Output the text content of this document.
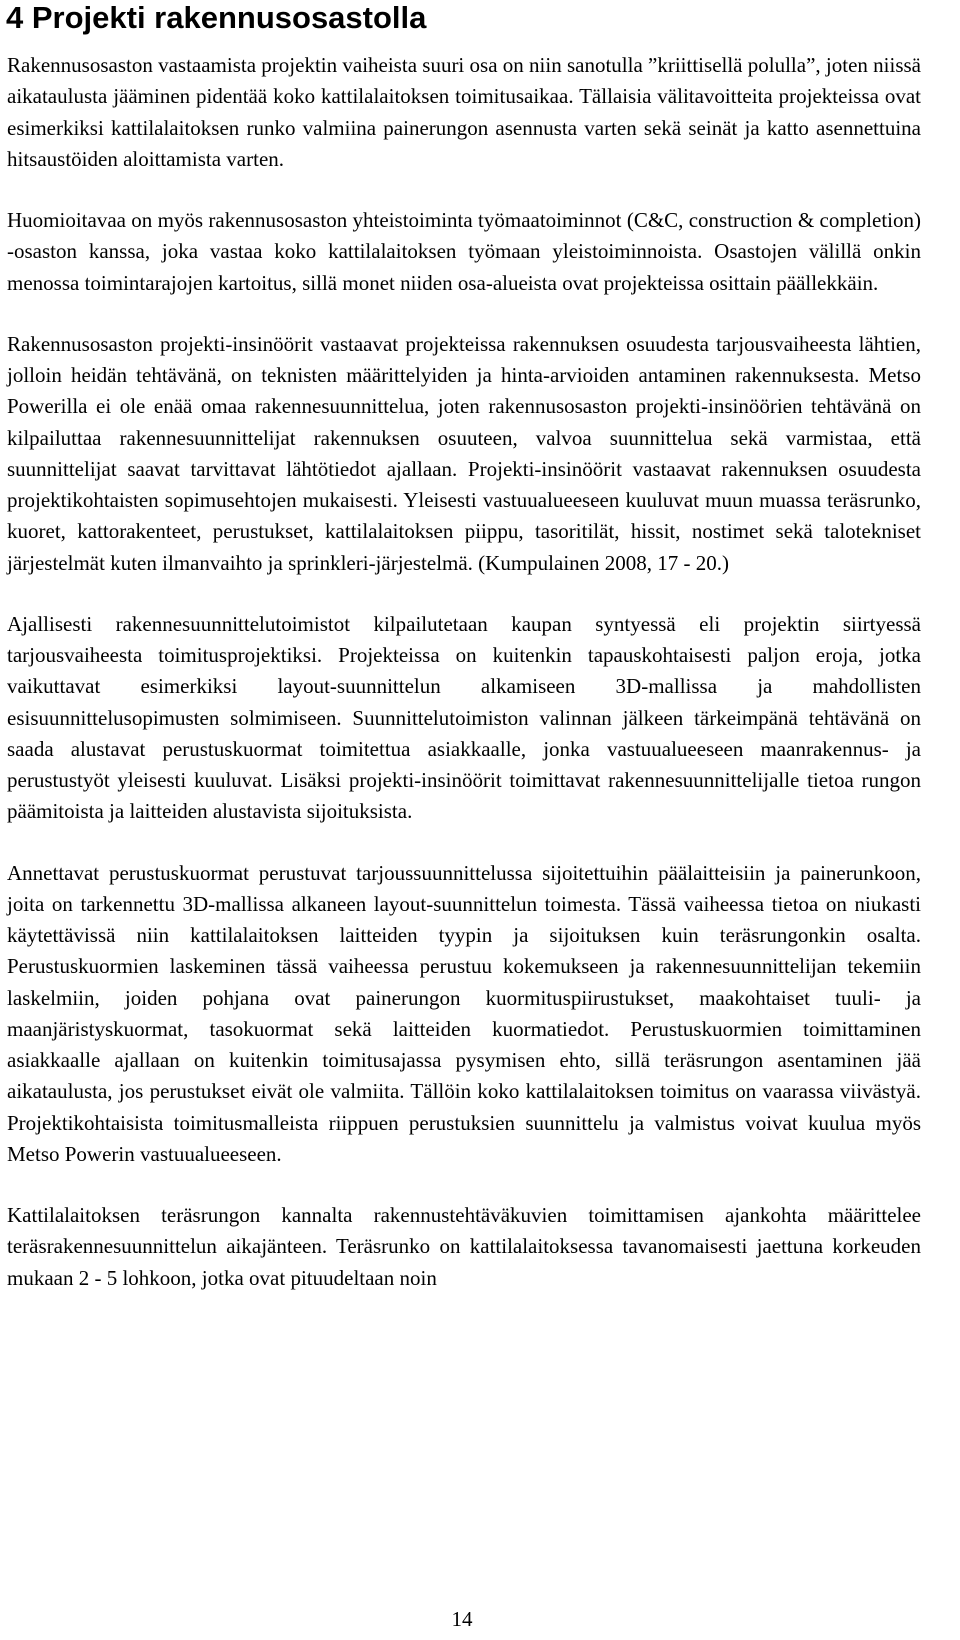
4 Projekti rakennusosastolla

Rakennusosaston vastaamista projektin vaiheista suuri osa on niin sanotulla ”kriittisellä polulla”, joten niissä aikataulusta jääminen pidentää koko kattilalaitoksen toimitusaikaa. Tällaisia välitavoitteita projekteissa ovat esimerkiksi kattilalaitoksen runko valmiina painerungon asennusta varten sekä seinät ja katto asennettuina hitsaustöiden aloittamista varten.

Huomioitavaa on myös rakennusosaston yhteistoiminta työmaatoiminnot (C&C, construction & completion) -osaston kanssa, joka vastaa koko kattilalaitoksen työmaan yleistoiminnoista. Osastojen välillä onkin menossa toimintarajojen kartoitus, sillä monet niiden osa-alueista ovat projekteissa osittain päällekkäin.

Rakennusosaston projekti-insinöörit vastaavat projekteissa rakennuksen osuudesta tarjousvaiheesta lähtien, jolloin heidän tehtävänä, on teknisten määrittelyiden ja hinta-arvioiden antaminen rakennuksesta. Metso Powerilla ei ole enää omaa rakennesuunnittelua, joten rakennusosaston projekti-insinöörien tehtävänä on kilpailuttaa rakennesuunnittelijat rakennuksen osuuteen, valvoa suunnittelua sekä varmistaa, että suunnittelijat saavat tarvittavat lähtötiedot ajallaan. Projekti-insinöörit vastaavat rakennuksen osuudesta projektikohtaisten sopimusehtojen mukaisesti. Yleisesti vastuualueeseen kuuluvat muun muassa teräsrunko, kuoret, kattorakenteet, perustukset, kattilalaitoksen piippu, tasoritilät, hissit, nostimet sekä talotekniset järjestelmät kuten ilmanvaihto ja sprinkleri-järjestelmä. (Kumpulainen 2008, 17 - 20.)

Ajallisesti rakennesuunnittelutoimistot kilpailutetaan kaupan syntyessä eli projektin siirtyessä tarjousvaiheesta toimitusprojektiksi. Projekteissa on kuitenkin tapauskohtaisesti paljon eroja, jotka vaikuttavat esimerkiksi layout-suunnittelun alkamiseen 3D-mallissa ja mahdollisten esisuunnittelusopimusten solmimiseen. Suunnittelutoimiston valinnan jälkeen tärkeimpänä tehtävänä on saada alustavat perustuskuormat toimitettua asiakkaalle, jonka vastuualueeseen maanrakennus- ja perustustyöt yleisesti kuuluvat. Lisäksi projekti-insinöörit toimittavat rakennesuunnittelijalle tietoa rungon päämitoista ja laitteiden alustavista sijoituksista.

Annettavat perustuskuormat perustuvat tarjoussuunnittelussa sijoitettuihin päälaitteisiin ja painerunkoon, joita on tarkennettu 3D-mallissa alkaneen layout-suunnittelun toimesta. Tässä vaiheessa tietoa on niukasti käytettävissä niin kattilalaitoksen laitteiden tyypin ja sijoituksen kuin teräsrungonkin osalta. Perustuskuormien laskeminen tässä vaiheessa perustuu kokemukseen ja rakennesuunnittelijan tekemiin laskelmiin, joiden pohjana ovat painerungon kuormituspiirustukset, maakohtaiset tuuli- ja maanjäristyskuormat, tasokuormat sekä laitteiden kuormatiedot. Perustuskuormien toimittaminen asiakkaalle ajallaan on kuitenkin toimitusajassa pysymisen ehto, sillä teräsrungon asentaminen jää aikataulusta, jos perustukset eivät ole valmiita. Tällöin koko kattilalaitoksen toimitus on vaarassa viivästyä. Projektikohtaisista toimitusmalleista riippuen perustuksien suunnittelu ja valmistus voivat kuulua myös Metso Powerin vastuualueeseen.

Kattilalaitoksen teräsrungon kannalta rakennustehtäväkuvien toimittamisen ajankohta määrittelee teräsrakennesuunnittelun aikajänteen. Teräsrunko on kattilalaitoksessa tavanomaisesti jaettuna korkeuden mukaan 2 - 5 lohkoon, jotka ovat pituudeltaan noin

14
